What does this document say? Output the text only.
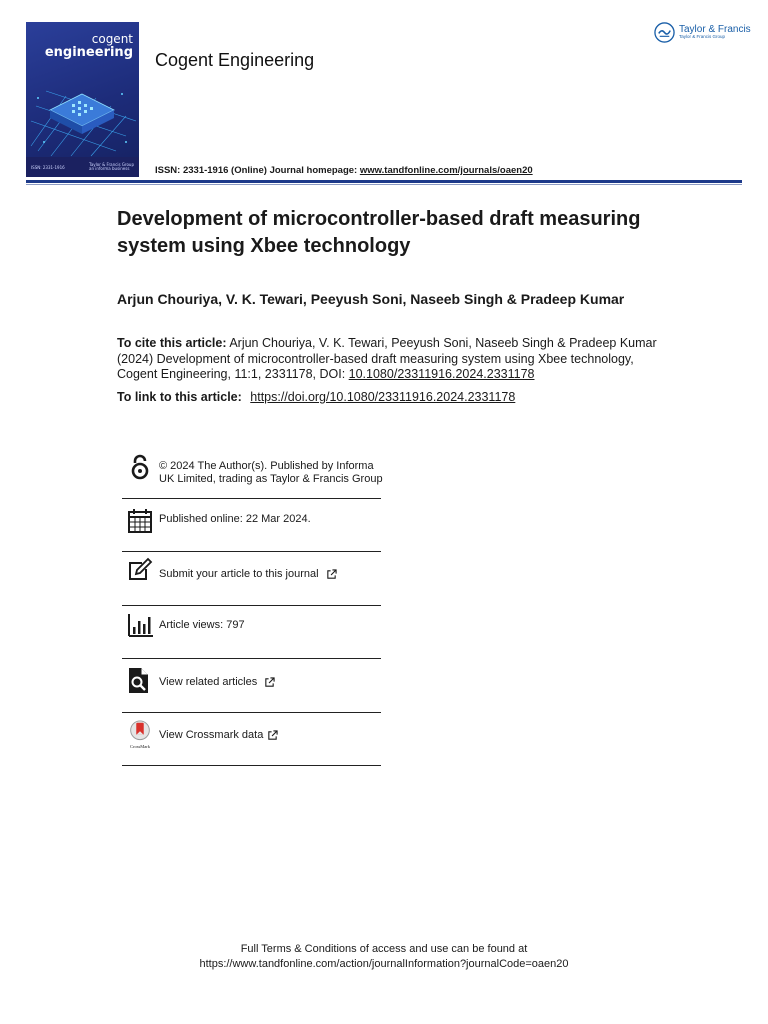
cogent
engineering
ISSN: 2331-1916
Taylor & Francis Group
an informa business
Cogent Engineering
Taylor & Francis
Taylor & Francis Group
ISSN: 2331-1916 (Online) Journal homepage: www.tandfonline.com/journals/oaen20
Development of microcontroller-based draft measuring system using Xbee technology
Arjun Chouriya, V. K. Tewari, Peeyush Soni, Naseeb Singh & Pradeep Kumar
To cite this article: Arjun Chouriya, V. K. Tewari, Peeyush Soni, Naseeb Singh & Pradeep Kumar (2024) Development of microcontroller-based draft measuring system using Xbee technology, Cogent Engineering, 11:1, 2331178, DOI: 10.1080/23311916.2024.2331178
To link to this article: https://doi.org/10.1080/23311916.2024.2331178
© 2024 The Author(s). Published by Informa UK Limited, trading as Taylor & Francis Group
Published online: 22 Mar 2024.
Submit your article to this journal
Article views: 797
View related articles
CrossMark
View Crossmark data
Full Terms & Conditions of access and use can be found at
https://www.tandfonline.com/action/journalInformation?journalCode=oaen20
